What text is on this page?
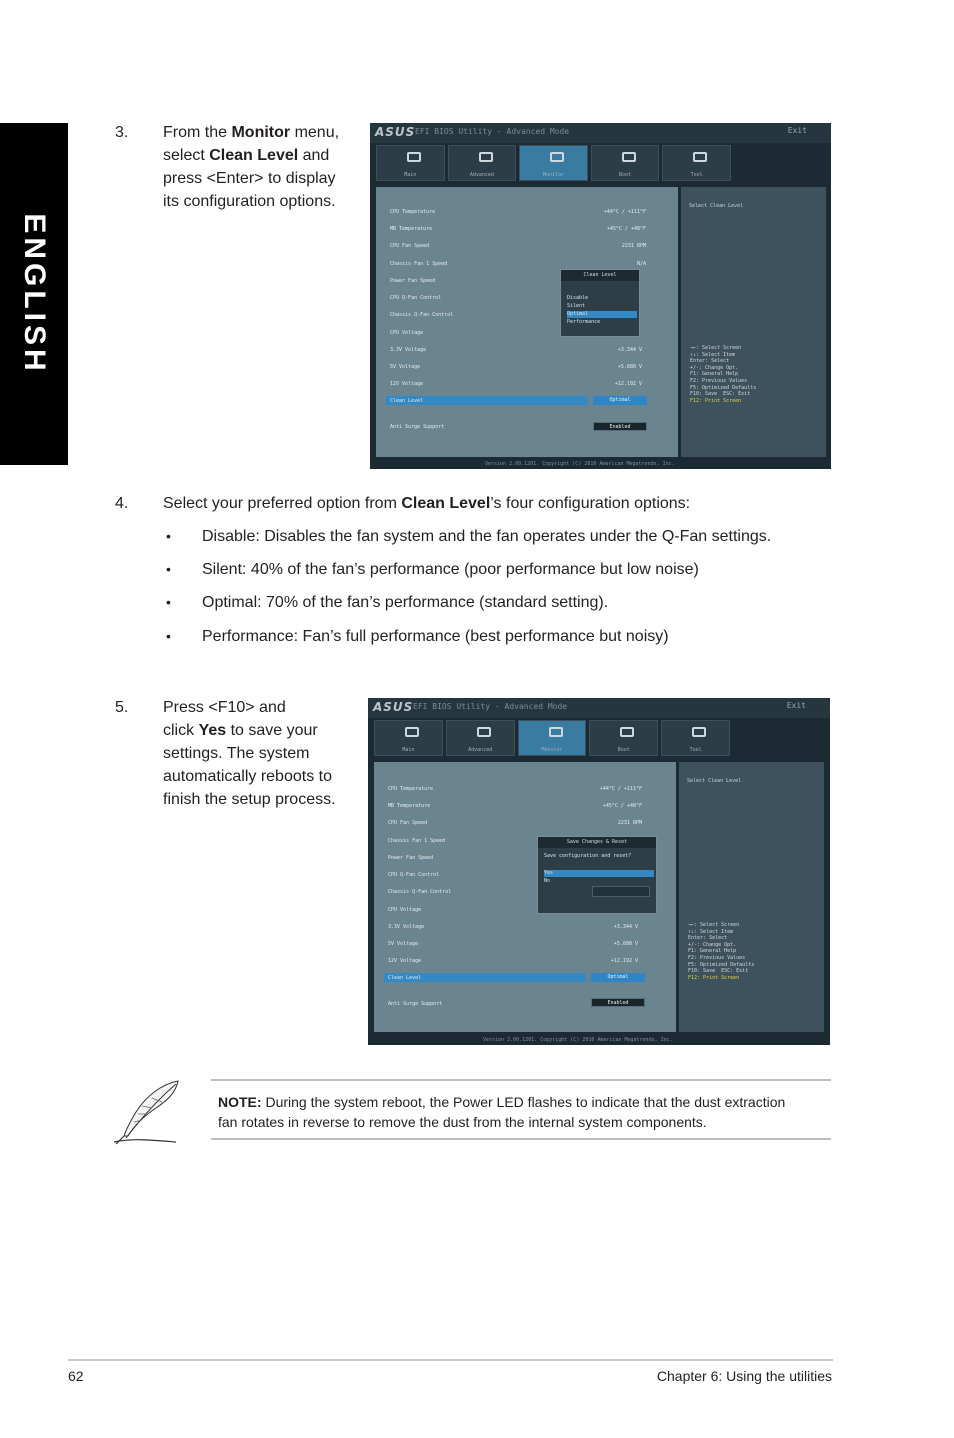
ENGLISH
3. From the Monitor menu,
select Clean Level and
press <Enter> to display
its configuration options.
ASUS EFI BIOS Utility - Advanced Mode	Exit
Main	Advanced	Monitor	Boot	Tool
Select Clean Level
CPU Temperature	+44°C / +111°F
MB Temperature	+45°C / +48°F
CPU Fan Speed	2231 RPM
Chassis Fan 1 Speed	N/A
Power Fan Speed
CPU Q-Fan Control
Chassis Q-Fan Control
CPU Voltage
3.3V Voltage	+3.344 V
5V Voltage	+5.080 V
12V Voltage	+12.192 V
Clean Level	Optimal
Anti Surge Support	Enabled
Clean Level
Disable
Silent
Optimal
Performance
→←: Select Screen
↑↓: Select Item
Enter: Select
+/-: Change Opt.
F1: General Help
F2: Previous Values
F5: Optimized Defaults
F10: Save  ESC: Exit
F12: Print Screen
Version 2.00.1201. Copyright (C) 2010 American Megatrends, Inc.
4. Select your preferred option from Clean Level’s four configuration options:
• Disable: Disables the fan system and the fan operates under the Q-Fan settings.
• Silent: 40% of the fan’s performance (poor performance but low noise)
• Optimal: 70% of the fan’s performance (standard setting).
• Performance: Fan’s full performance (best performance but noisy)
5. Press <F10> and
click Yes to save your
settings. The system
automatically reboots to
finish the setup process.
ASUS EFI BIOS Utility - Advanced Mode	Exit
Main	Advanced	Monitor	Boot	Tool
Select Clean Level
CPU Temperature	+44°C / +111°F
MB Temperature	+45°C / +48°F
CPU Fan Speed	2231 RPM
Chassis Fan 1 Speed
Power Fan Speed
CPU Q-Fan Control
Chassis Q-Fan Control
CPU Voltage
3.3V Voltage	+3.344 V
5V Voltage	+5.080 V
12V Voltage	+12.192 V
Clean Level	Optimal
Anti Surge Support	Enabled
Save Changes & Reset
Save configuration and reset?
Yes
No
→←: Select Screen
↑↓: Select Item
Enter: Select
+/-: Change Opt.
F1: General Help
F2: Previous Values
F5: Optimized Defaults
F10: Save  ESC: Exit
F12: Print Screen
Version 2.00.1201. Copyright (C) 2010 American Megatrends, Inc.
NOTE: During the system reboot, the Power LED flashes to indicate that the dust extraction
fan rotates in reverse to remove the dust from the internal system components.
62	Chapter 6: Using the utilities
